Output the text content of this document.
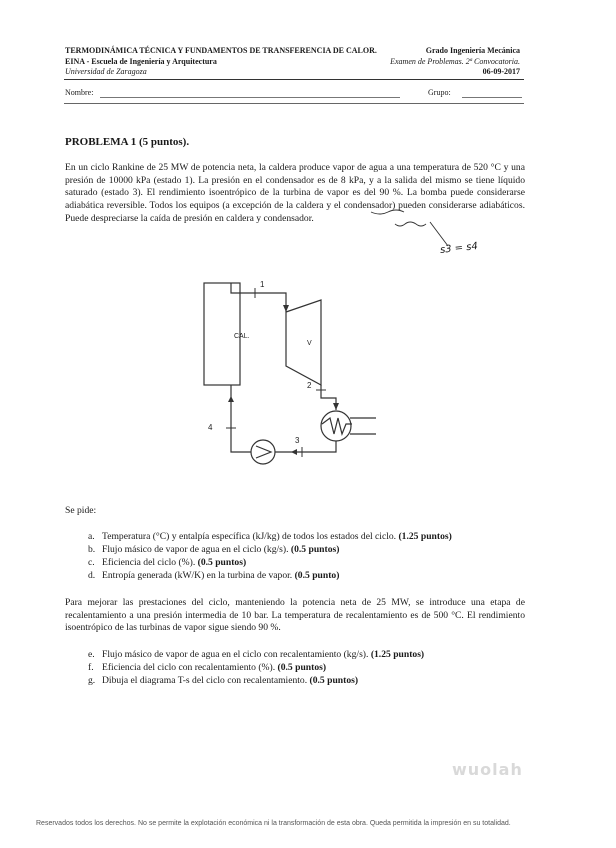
TERMODINÁMICA TÉCNICA Y FUNDAMENTOS DE TRANSFERENCIA DE CALOR.	Grado Ingeniería Mecánica
EINA - Escuela de Ingeniería y Arquitectura	Examen de Problemas. 2ª Convocatoria.
Universidad de Zaragoza	06-09-2017
Nombre:	Grupo:
PROBLEMA 1 (5 puntos).
En un ciclo Rankine de 25 MW de potencia neta, la caldera produce vapor de agua a una temperatura de 520 °C y una presión de 10000 kPa (estado 1). La presión en el condensador es de 8 kPa, y a la salida del mismo se tiene líquido saturado (estado 3). El rendimiento isoentrópico de la turbina de vapor es del 90 %. La bomba puede considerarse adiabática reversible. Todos los equipos (a excepción de la caldera y el condensador) pueden considerarse adiabáticos. Puede despreciarse la caída de presión en caldera y condensador.
s3 = s4
CAL.
V
1
2
3
4
Se pide:
a. Temperatura (°C) y entalpía específica (kJ/kg) de todos los estados del ciclo. (1.25 puntos)
b. Flujo másico de vapor de agua en el ciclo (kg/s). (0.5 puntos)
c. Eficiencia del ciclo (%). (0.5 puntos)
d. Entropía generada (kW/K) en la turbina de vapor. (0.5 punto)
Para mejorar las prestaciones del ciclo, manteniendo la potencia neta de 25 MW, se introduce una etapa de recalentamiento a una presión intermedia de 10 bar. La temperatura de recalentamiento es de 500 °C. El rendimiento isoentrópico de las turbinas de vapor sigue siendo 90 %.
e. Flujo másico de vapor de agua en el ciclo con recalentamiento (kg/s). (1.25 puntos)
f. Eficiencia del ciclo con recalentamiento (%). (0.5 puntos)
g. Dibuja el diagrama T-s del ciclo con recalentamiento. (0.5 puntos)
wuolah
Reservados todos los derechos. No se permite la explotación económica ni la transformación de esta obra. Queda permitida la impresión en su totalidad.
